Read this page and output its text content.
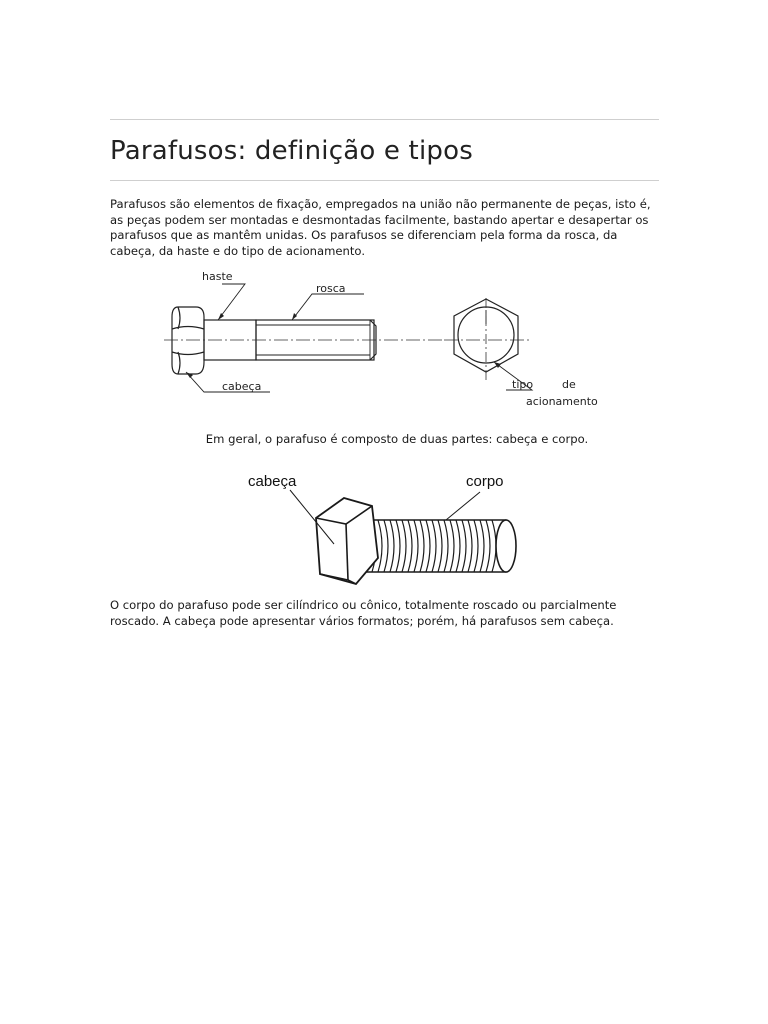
Parafusos: definição e tipos

Parafusos são elementos de fixação, empregados na união não permanente de peças, isto é, as peças podem ser montadas e desmontadas facilmente, bastando apertar e desapertar os parafusos que as mantêm unidas. Os parafusos se diferenciam pela forma da rosca, da cabeça, da haste e do tipo de acionamento.

haste
rosca
cabeça	tipo	de
acionamento

Em geral, o parafuso é composto de duas partes: cabeça e corpo.

cabeça	corpo

O corpo do parafuso pode ser cilíndrico ou cônico, totalmente roscado ou parcialmente roscado. A cabeça pode apresentar vários formatos; porém, há parafusos sem cabeça.
